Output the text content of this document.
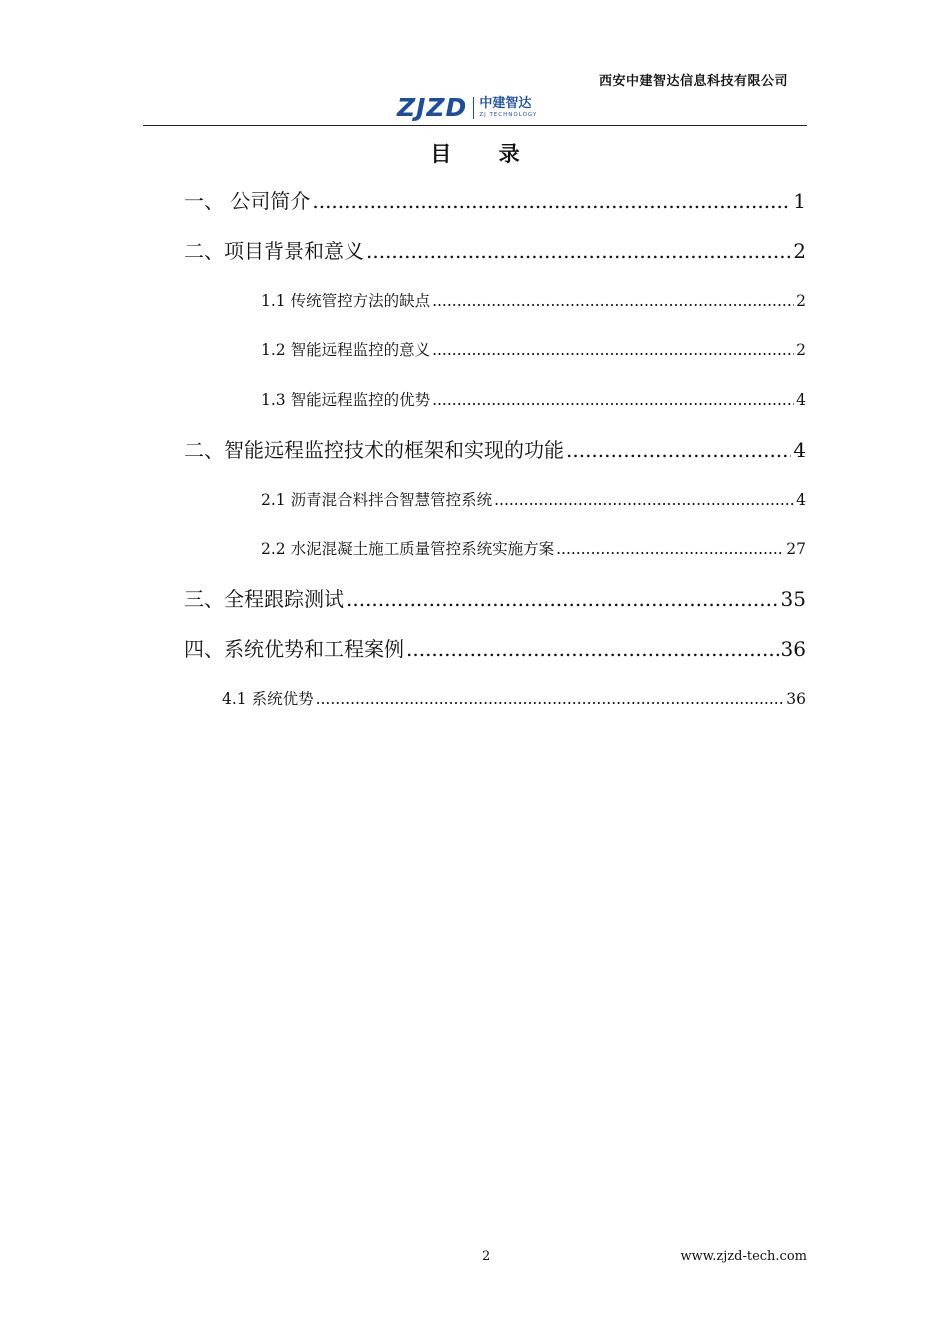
西安中建智达信息科技有限公司
ZJZD 中建智达
ZJ TECHNOLOGY
目 录
一、 公司简介 .....	1
二、项目背景和意义 .....	2
1.1 传统管控方法的缺点 .....	2
1.2 智能远程监控的意义 .....	2
1.3 智能远程监控的优势 .....	4
二、智能远程监控技术的框架和实现的功能 .....	4
2.1 沥青混合料拌合智慧管控系统 .....	4
2.2 水泥混凝土施工质量管控系统实施方案 .....	27
三、全程跟踪测试 .....	35
四、系统优势和工程案例 .....	36
4.1 系统优势 .....	36
2	www.zjzd-tech.com
